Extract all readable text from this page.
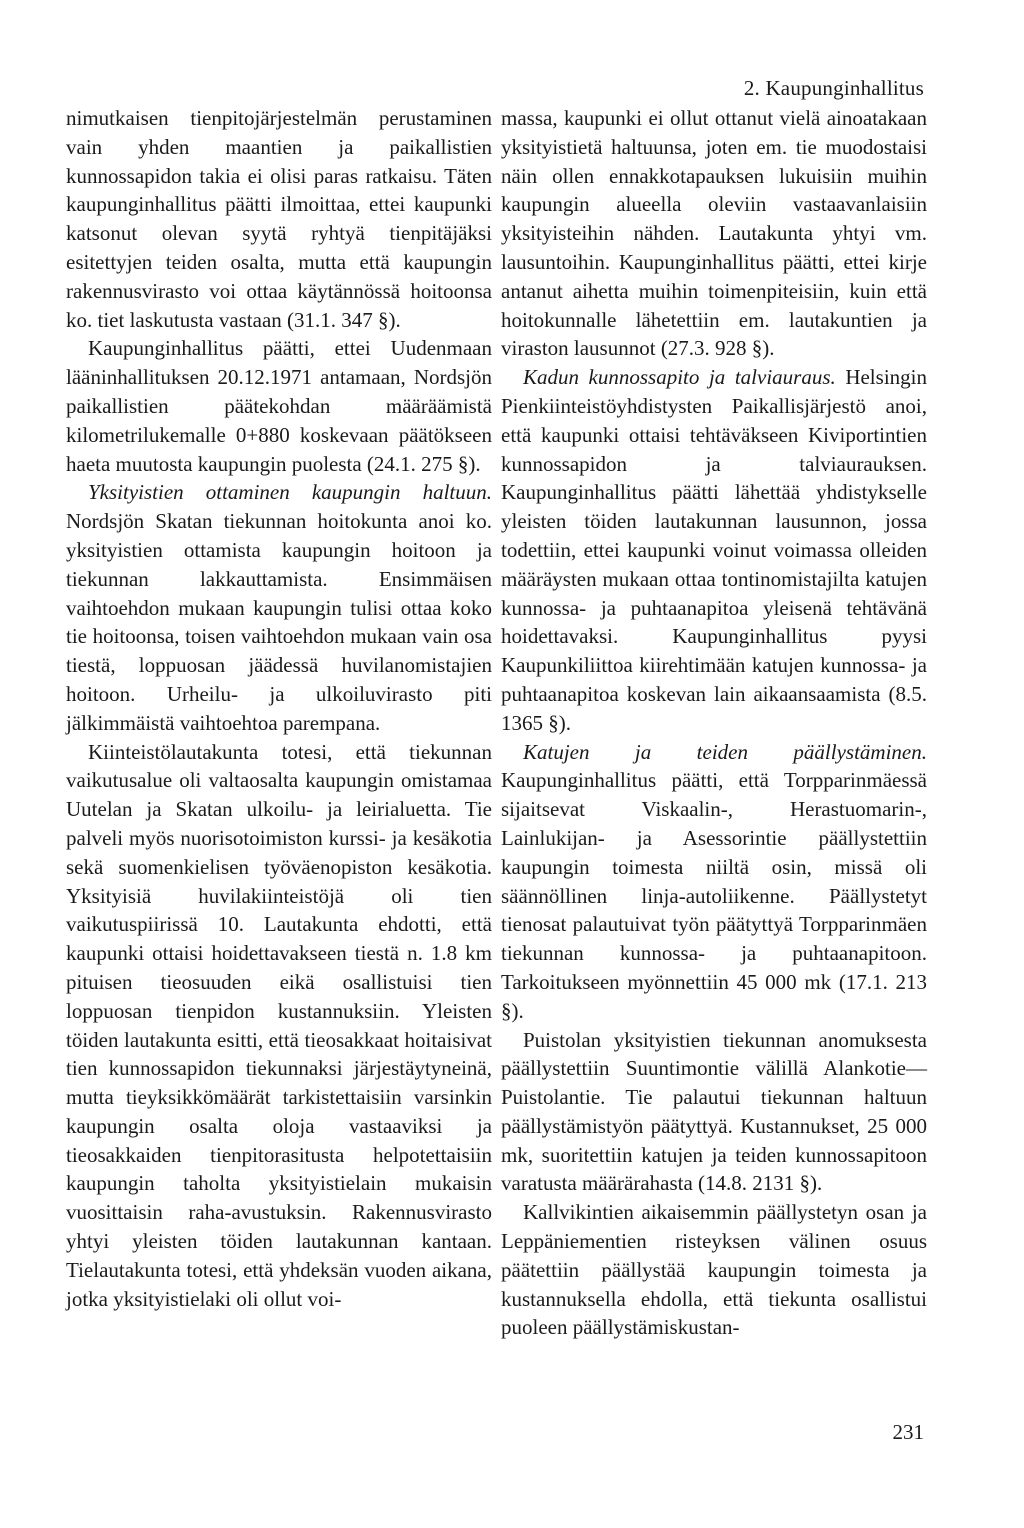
2. Kaupunginhallitus

nimutkaisen tienpitojärjestelmän perustaminen vain yhden maantien ja paikallistien kunnossapidon takia ei olisi paras ratkaisu. Täten kaupunginhallitus päätti ilmoittaa, ettei kaupunki katsonut olevan syytä ryhtyä tienpitäjäksi esitettyjen teiden osalta, mutta että kaupungin rakennusvirasto voi ottaa käytännössä hoitoonsa ko. tiet laskutusta vastaan (31.1. 347 §).

Kaupunginhallitus päätti, ettei Uudenmaan lääninhallituksen 20.12.1971 antamaan, Nordsjön paikallistien päätekohdan määräämistä kilometrilukemalle 0+880 koskevaan päätökseen haeta muutosta kaupungin puolesta (24.1. 275 §).

Yksityistien ottaminen kaupungin haltuun. Nordsjön Skatan tiekunnan hoitokunta anoi ko. yksityistien ottamista kaupungin hoitoon ja tiekunnan lakkauttamista. Ensimmäisen vaihtoehdon mukaan kaupungin tulisi ottaa koko tie hoitoonsa, toisen vaihtoehdon mukaan vain osa tiestä, loppuosan jäädessä huvilanomistajien hoitoon. Urheilu- ja ulkoiluvirasto piti jälkimmäistä vaihtoehtoa parempana.

Kiinteistölautakunta totesi, että tiekunnan vaikutusalue oli valtaosalta kaupungin omistamaa Uutelan ja Skatan ulkoilu- ja leirialuetta. Tie palveli myös nuorisotoimiston kurssi- ja kesäkotia sekä suomenkielisen työväenopiston kesäkotia. Yksityisiä huvilakiinteistöjä oli tien vaikutuspiirissä 10. Lautakunta ehdotti, että kaupunki ottaisi hoidettavakseen tiestä n. 1.8 km pituisen tieosuuden eikä osallistuisi tien loppuosan tienpidon kustannuksiin. Yleisten töiden lautakunta esitti, että tieosakkaat hoitaisivat tien kunnossapidon tiekunnaksi järjestäytyneinä, mutta tieyksikkömäärät tarkistettaisiin varsinkin kaupungin osalta oloja vastaaviksi ja tieosakkaiden tienpitorasitusta helpotettaisiin kaupungin taholta yksityistielain mukaisin vuosittaisin raha-avustuksin. Rakennusvirasto yhtyi yleisten töiden lautakunnan kantaan. Tielautakunta totesi, että yhdeksän vuoden aikana, jotka yksityistielaki oli ollut voi-

massa, kaupunki ei ollut ottanut vielä ainoatakaan yksityistietä haltuunsa, joten em. tie muodostaisi näin ollen ennakkotapauksen lukuisiin muihin kaupungin alueella oleviin vastaavanlaisiin yksityisteihin nähden. Lautakunta yhtyi vm. lausuntoihin. Kaupunginhallitus päätti, ettei kirje antanut aihetta muihin toimenpiteisiin, kuin että hoitokunnalle lähetettiin em. lautakuntien ja viraston lausunnot (27.3. 928 §).

Kadun kunnossapito ja talviauraus. Helsingin Pienkiinteistöyhdistysten Paikallisjärjestö anoi, että kaupunki ottaisi tehtäväkseen Kiviportintien kunnossapidon ja talviaurauksen. Kaupunginhallitus päätti lähettää yhdistykselle yleisten töiden lautakunnan lausunnon, jossa todettiin, ettei kaupunki voinut voimassa olleiden määräysten mukaan ottaa tontinomistajilta katujen kunnossa- ja puhtaanapitoa yleisenä tehtävänä hoidettavaksi. Kaupunginhallitus pyysi Kaupunkiliittoa kiirehtimään katujen kunnossa- ja puhtaanapitoa koskevan lain aikaansaamista (8.5. 1365 §).

Katujen ja teiden päällystäminen. Kaupunginhallitus päätti, että Torpparinmäessä sijaitsevat Viskaalin-, Herastuomarin-, Lainlukijan- ja Asessorintie päällystettiin kaupungin toimesta niiltä osin, missä oli säännöllinen linja-autoliikenne. Päällystetyt tienosat palautuivat työn päätyttyä Torpparinmäen tiekunnan kunnossa- ja puhtaanapitoon. Tarkoitukseen myönnettiin 45 000 mk (17.1. 213 §).

Puistolan yksityistien tiekunnan anomuksesta päällystettiin Suuntimontie välillä Alankotie—Puistolantie. Tie palautui tiekunnan haltuun päällystämistyön päätyttyä. Kustannukset, 25 000 mk, suoritettiin katujen ja teiden kunnossapitoon varatusta määrärahasta (14.8. 2131 §).

Kallvikintien aikaisemmin päällystetyn osan ja Leppäniementien risteyksen välinen osuus päätettiin päällystää kaupungin toimesta ja kustannuksella ehdolla, että tiekunta osallistui puoleen päällystämiskustan-

231
